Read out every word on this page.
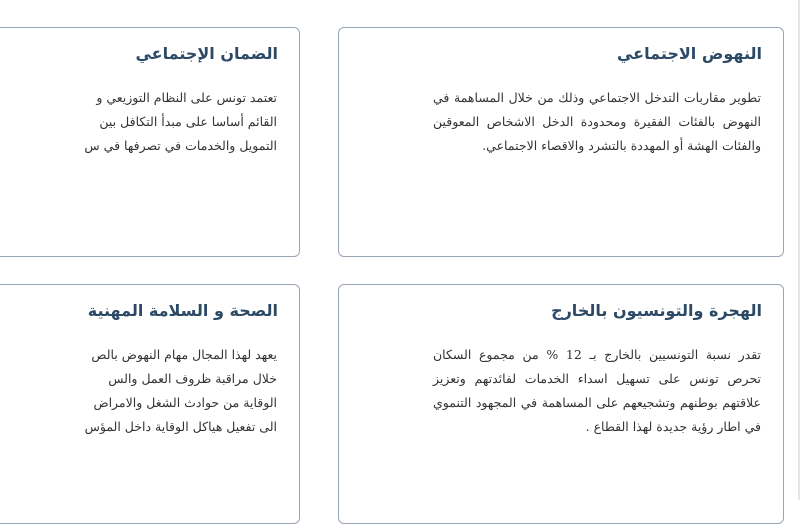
النهوض الاجتماعي

تطوير مقاربات التدخل الاجتماعي وذلك من خلال المساهمة في النهوض بالفئات الفقيرة ومحدودة الدخل الاشخاص المعوقين والفئات الهشة أو المهددة بالتشرد والاقصاء الاجتماعي.

الضمان الإجتماعي
تعتمد تونس على النظام التوزيعي و
القائم أساسا على مبدأ التكافل بين
التمويل والخدمات في تصرفها في س
الهجرة والتونسيون بالخارج

تقدر نسبة التونسيين بالخارج بـ 12 % من مجموع السكان تحرص تونس على تسهيل اسداء الخدمات لفائدتهم وتعزيز علاقتهم بوطنهم وتشجيعهم على المساهمة في المجهود التنموي في اطار رؤية جديدة لهذا القطاع .

الصحة و السلامة المهنية
يعهد لهذا المجال مهام النهوض بالص
خلال مراقبة ظروف العمل والس
الوقاية من حوادث الشغل والامراض
الى تفعيل هياكل الوقاية داخل المؤس
